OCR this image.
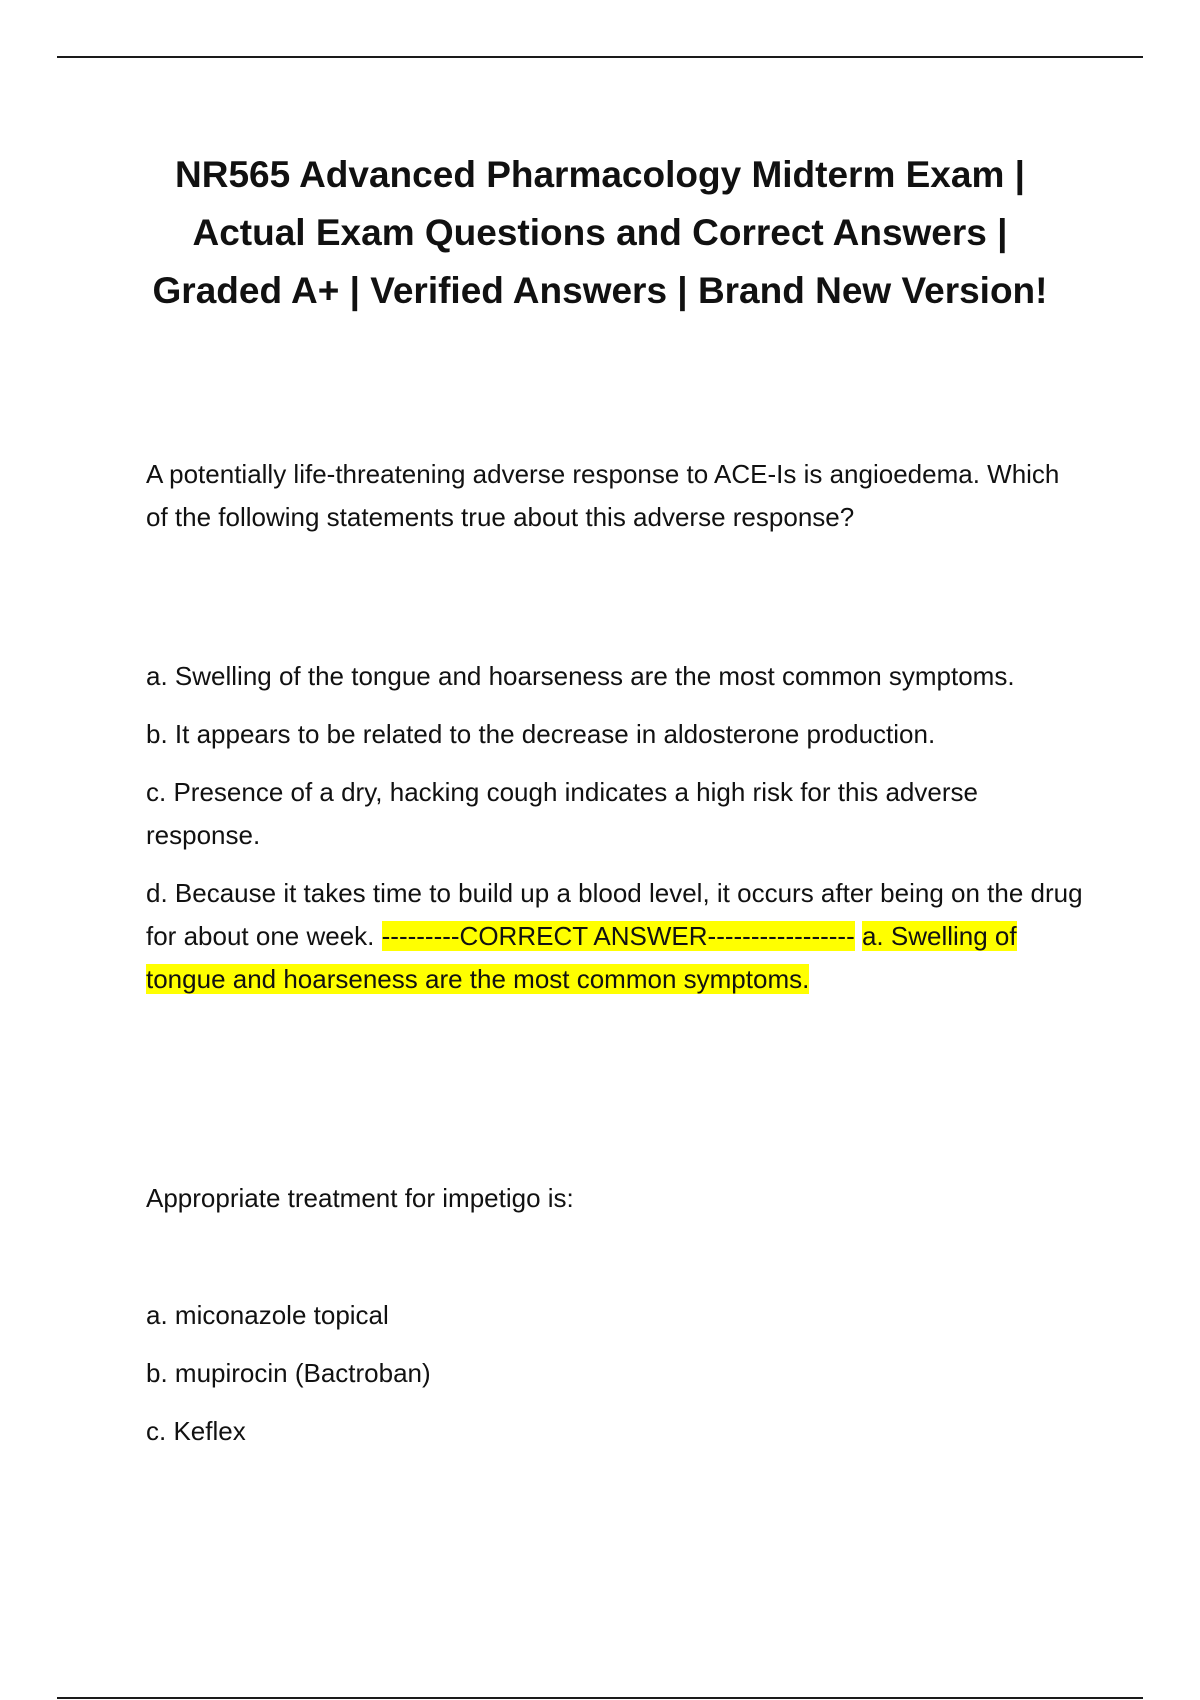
NR565 Advanced Pharmacology Midterm Exam | Actual Exam Questions and Correct Answers | Graded A+ | Verified Answers | Brand New Version!

A potentially life-threatening adverse response to ACE-Is is angioedema. Which of the following statements true about this adverse response?

a. Swelling of the tongue and hoarseness are the most common symptoms.

b. It appears to be related to the decrease in aldosterone production.

c. Presence of a dry, hacking cough indicates a high risk for this adverse response.

d. Because it takes time to build up a blood level, it occurs after being on the drug for about one week. ---------CORRECT ANSWER----------------- a. Swelling of tongue and hoarseness are the most common symptoms.

Appropriate treatment for impetigo is:

a. miconazole topical

b. mupirocin (Bactroban)

c. Keflex
